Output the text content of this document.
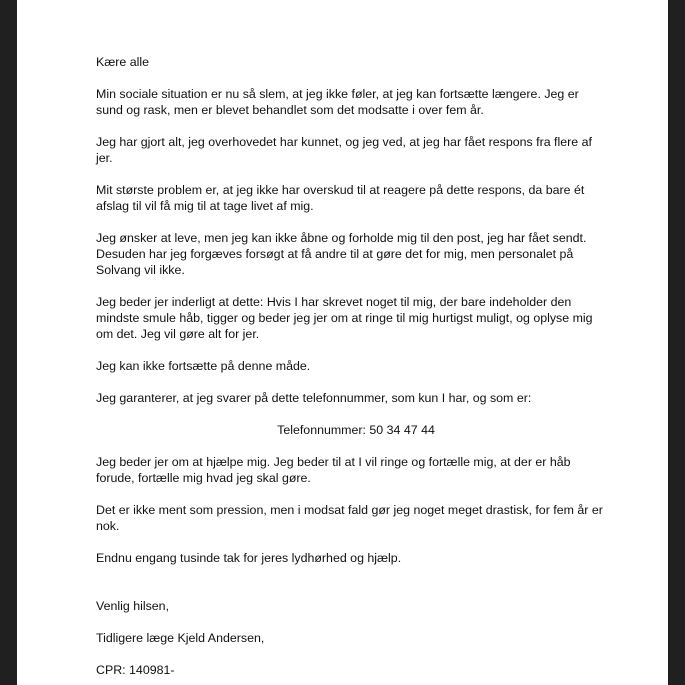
Kære alle

Min sociale situation er nu så slem, at jeg ikke føler, at jeg kan fortsætte længere. Jeg er
sund og rask, men er blevet behandlet som det modsatte i over fem år.

Jeg har gjort alt, jeg overhovedet har kunnet, og jeg ved, at jeg har fået respons fra flere af
jer.

Mit største problem er, at jeg ikke har overskud til at reagere på dette respons, da bare ét
afslag til vil få mig til at tage livet af mig.

Jeg ønsker at leve, men jeg kan ikke åbne og forholde mig til den post, jeg har fået sendt.
Desuden har jeg forgæves forsøgt at få andre til at gøre det for mig, men personalet på
Solvang vil ikke.

Jeg beder jer inderligt at dette: Hvis I har skrevet noget til mig, der bare indeholder den
mindste smule håb, tigger og beder jeg jer om at ringe til mig hurtigst muligt, og oplyse mig
om det. Jeg vil gøre alt for jer.

Jeg kan ikke fortsætte på denne måde.

Jeg garanterer, at jeg svarer på dette telefonnummer, som kun I har, og som er:

Telefonnummer: 50 34 47 44

Jeg beder jer om at hjælpe mig. Jeg beder til at I vil ringe og fortælle mig, at der er håb
forude, fortælle mig hvad jeg skal gøre.

Det er ikke ment som pression, men i modsat fald gør jeg noget meget drastisk, for fem år er
nok.

Endnu engang tusinde tak for jeres lydhørhed og hjælp.

Venlig hilsen,

Tidligere læge Kjeld Andersen,

CPR: 140981-
